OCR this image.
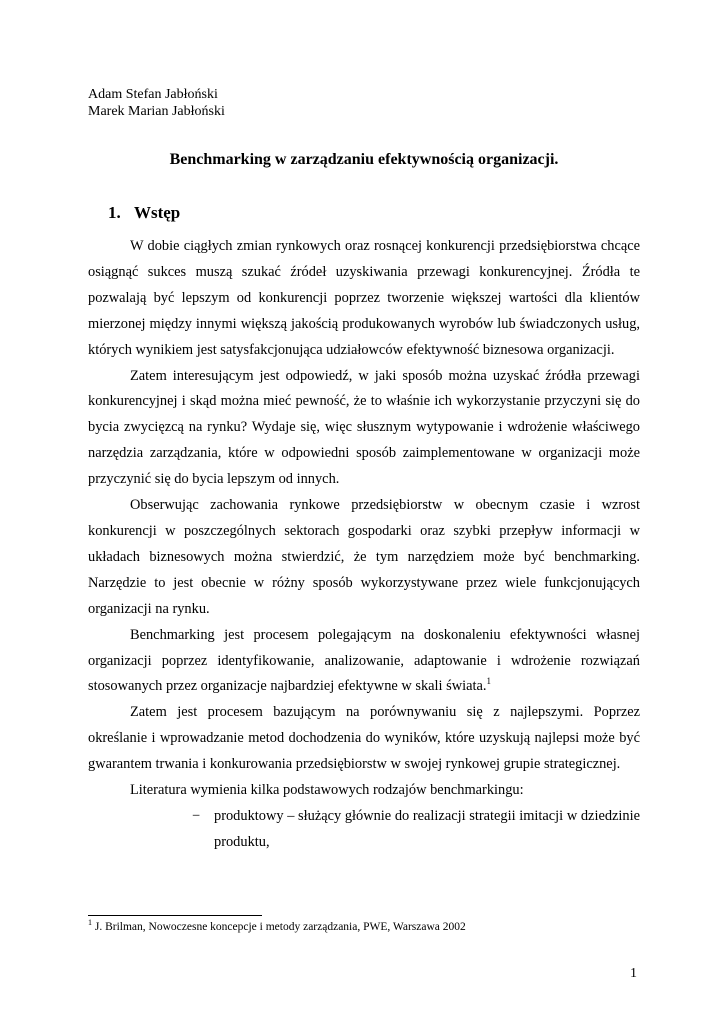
Adam Stefan Jabłoński
Marek Marian Jabłoński
Benchmarking w zarządzaniu efektywnością organizacji.
1. Wstęp

W dobie ciągłych zmian rynkowych oraz rosnącej konkurencji przedsiębiorstwa chcące osiągnąć sukces muszą szukać źródeł uzyskiwania przewagi konkurencyjnej. Źródła te pozwalają być lepszym od konkurencji poprzez tworzenie większej wartości dla klientów mierzonej między innymi większą jakością produkowanych wyrobów lub świadczonych usług, których wynikiem jest satysfakcjonująca udziałowców efektywność biznesowa organizacji.

Zatem interesującym jest odpowiedź, w jaki sposób można uzyskać źródła przewagi konkurencyjnej i skąd można mieć pewność, że to właśnie ich wykorzystanie przyczyni się do bycia zwycięzcą na rynku? Wydaje się, więc słusznym wytypowanie i wdrożenie właściwego narzędzia zarządzania, które w odpowiedni sposób zaimplementowane w organizacji może przyczynić się do bycia lepszym od innych.

Obserwując zachowania rynkowe przedsiębiorstw w obecnym czasie i wzrost konkurencji w poszczególnych sektorach gospodarki oraz szybki przepływ informacji w układach biznesowych można stwierdzić, że tym narzędziem może być benchmarking. Narzędzie to jest obecnie w różny sposób wykorzystywane przez wiele funkcjonujących organizacji na rynku.

Benchmarking jest procesem polegającym na doskonaleniu efektywności własnej organizacji poprzez identyfikowanie, analizowanie, adaptowanie i wdrożenie rozwiązań stosowanych przez organizacje najbardziej efektywne w skali świata.$^1$

Zatem jest procesem bazującym na porównywaniu się z najlepszymi. Poprzez określanie i wprowadzanie metod dochodzenia do wyników, które uzyskują najlepsi może być gwarantem trwania i konkurowania przedsiębiorstw w swojej rynkowej grupie strategicznej.

Literatura wymienia kilka podstawowych rodzajów benchmarkingu:

− produktowy – służący głównie do realizacji strategii imitacji w dziedzinie produktu,
$^1$ J. Brilman, Nowoczesne koncepcje i metody zarządzania, PWE, Warszawa 2002
1
